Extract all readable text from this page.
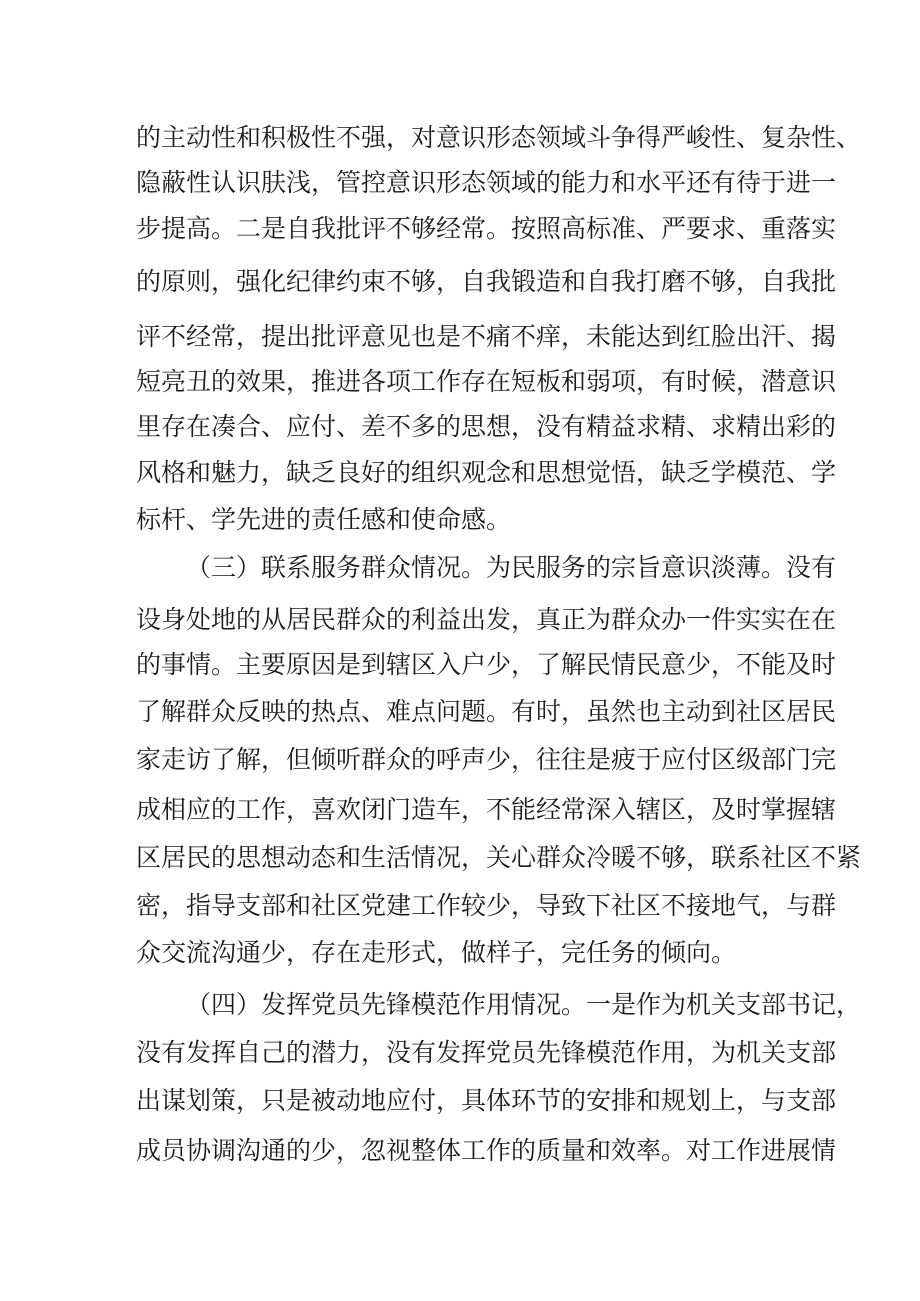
的主动性和积极性不强，对意识形态领域斗争得严峻性、复杂性、
隐蔽性认识肤浅，管控意识形态领域的能力和水平还有待于进一
步提高。二是自我批评不够经常。按照高标准、严要求、重落实
的原则，强化纪律约束不够，自我锻造和自我打磨不够，自我批
评不经常，提出批评意见也是不痛不痒，未能达到红脸出汗、揭
短亮丑的效果，推进各项工作存在短板和弱项，有时候，潜意识
里存在凑合、应付、差不多的思想，没有精益求精、求精出彩的
风格和魅力，缺乏良好的组织观念和思想觉悟，缺乏学模范、学
标杆、学先进的责任感和使命感。
（三）联系服务群众情况。为民服务的宗旨意识淡薄。没有
设身处地的从居民群众的利益出发，真正为群众办一件实实在在
的事情。主要原因是到辖区入户少，了解民情民意少，不能及时
了解群众反映的热点、难点问题。有时，虽然也主动到社区居民
家走访了解，但倾听群众的呼声少，往往是疲于应付区级部门完
成相应的工作，喜欢闭门造车，不能经常深入辖区，及时掌握辖
区居民的思想动态和生活情况，关心群众冷暖不够，联系社区不紧
密，指导支部和社区党建工作较少，导致下社区不接地气，与群
众交流沟通少，存在走形式，做样子，完任务的倾向。
（四）发挥党员先锋模范作用情况。一是作为机关支部书记，
没有发挥自己的潜力，没有发挥党员先锋模范作用，为机关支部
出谋划策，只是被动地应付，具体环节的安排和规划上，与支部
成员协调沟通的少，忽视整体工作的质量和效率。对工作进展情
